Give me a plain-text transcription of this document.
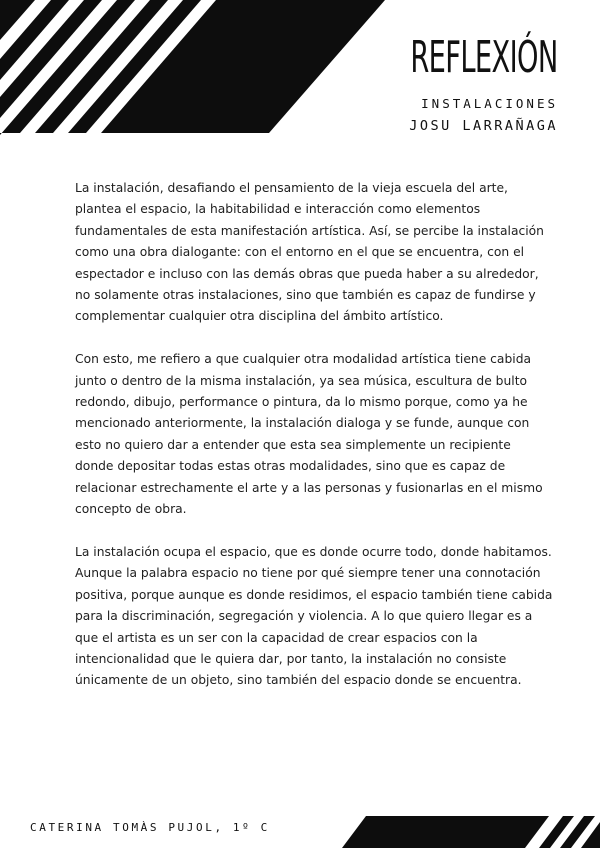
REFLEXIÓN

INSTALACIONES

JOSU LARRAÑAGA

La instalación, desafiando el pensamiento de la vieja escuela del arte, plantea el espacio, la habitabilidad e interacción como elementos fundamentales de esta manifestación artística. Así, se percibe la instalación como una obra dialogante: con el entorno en el que se encuentra, con el espectador e incluso con las demás obras que pueda haber a su alrededor, no solamente otras instalaciones, sino que también es capaz de fundirse y complementar cualquier otra disciplina del ámbito artístico.

Con esto, me refiero a que cualquier otra modalidad artística tiene cabida junto o dentro de la misma instalación, ya sea música, escultura de bulto redondo, dibujo, performance o pintura, da lo mismo porque, como ya he mencionado anteriormente, la instalación dialoga y se funde, aunque con esto no quiero dar a entender que esta sea simplemente un recipiente donde depositar todas estas otras modalidades, sino que es capaz de relacionar estrechamente el arte y a las personas y fusionarlas en el mismo concepto de obra.

La instalación ocupa el espacio, que es donde ocurre todo, donde habitamos. Aunque la palabra espacio no tiene por qué siempre tener una connotación positiva, porque aunque es donde residimos, el espacio también tiene cabida para la discriminación, segregación y violencia. A lo que quiero llegar es a que el artista es un ser con la capacidad de crear espacios con la intencionalidad que le quiera dar, por tanto, la instalación no consiste únicamente de un objeto, sino también del espacio donde se encuentra.

CATERINA TOMÀS PUJOL, 1º C
